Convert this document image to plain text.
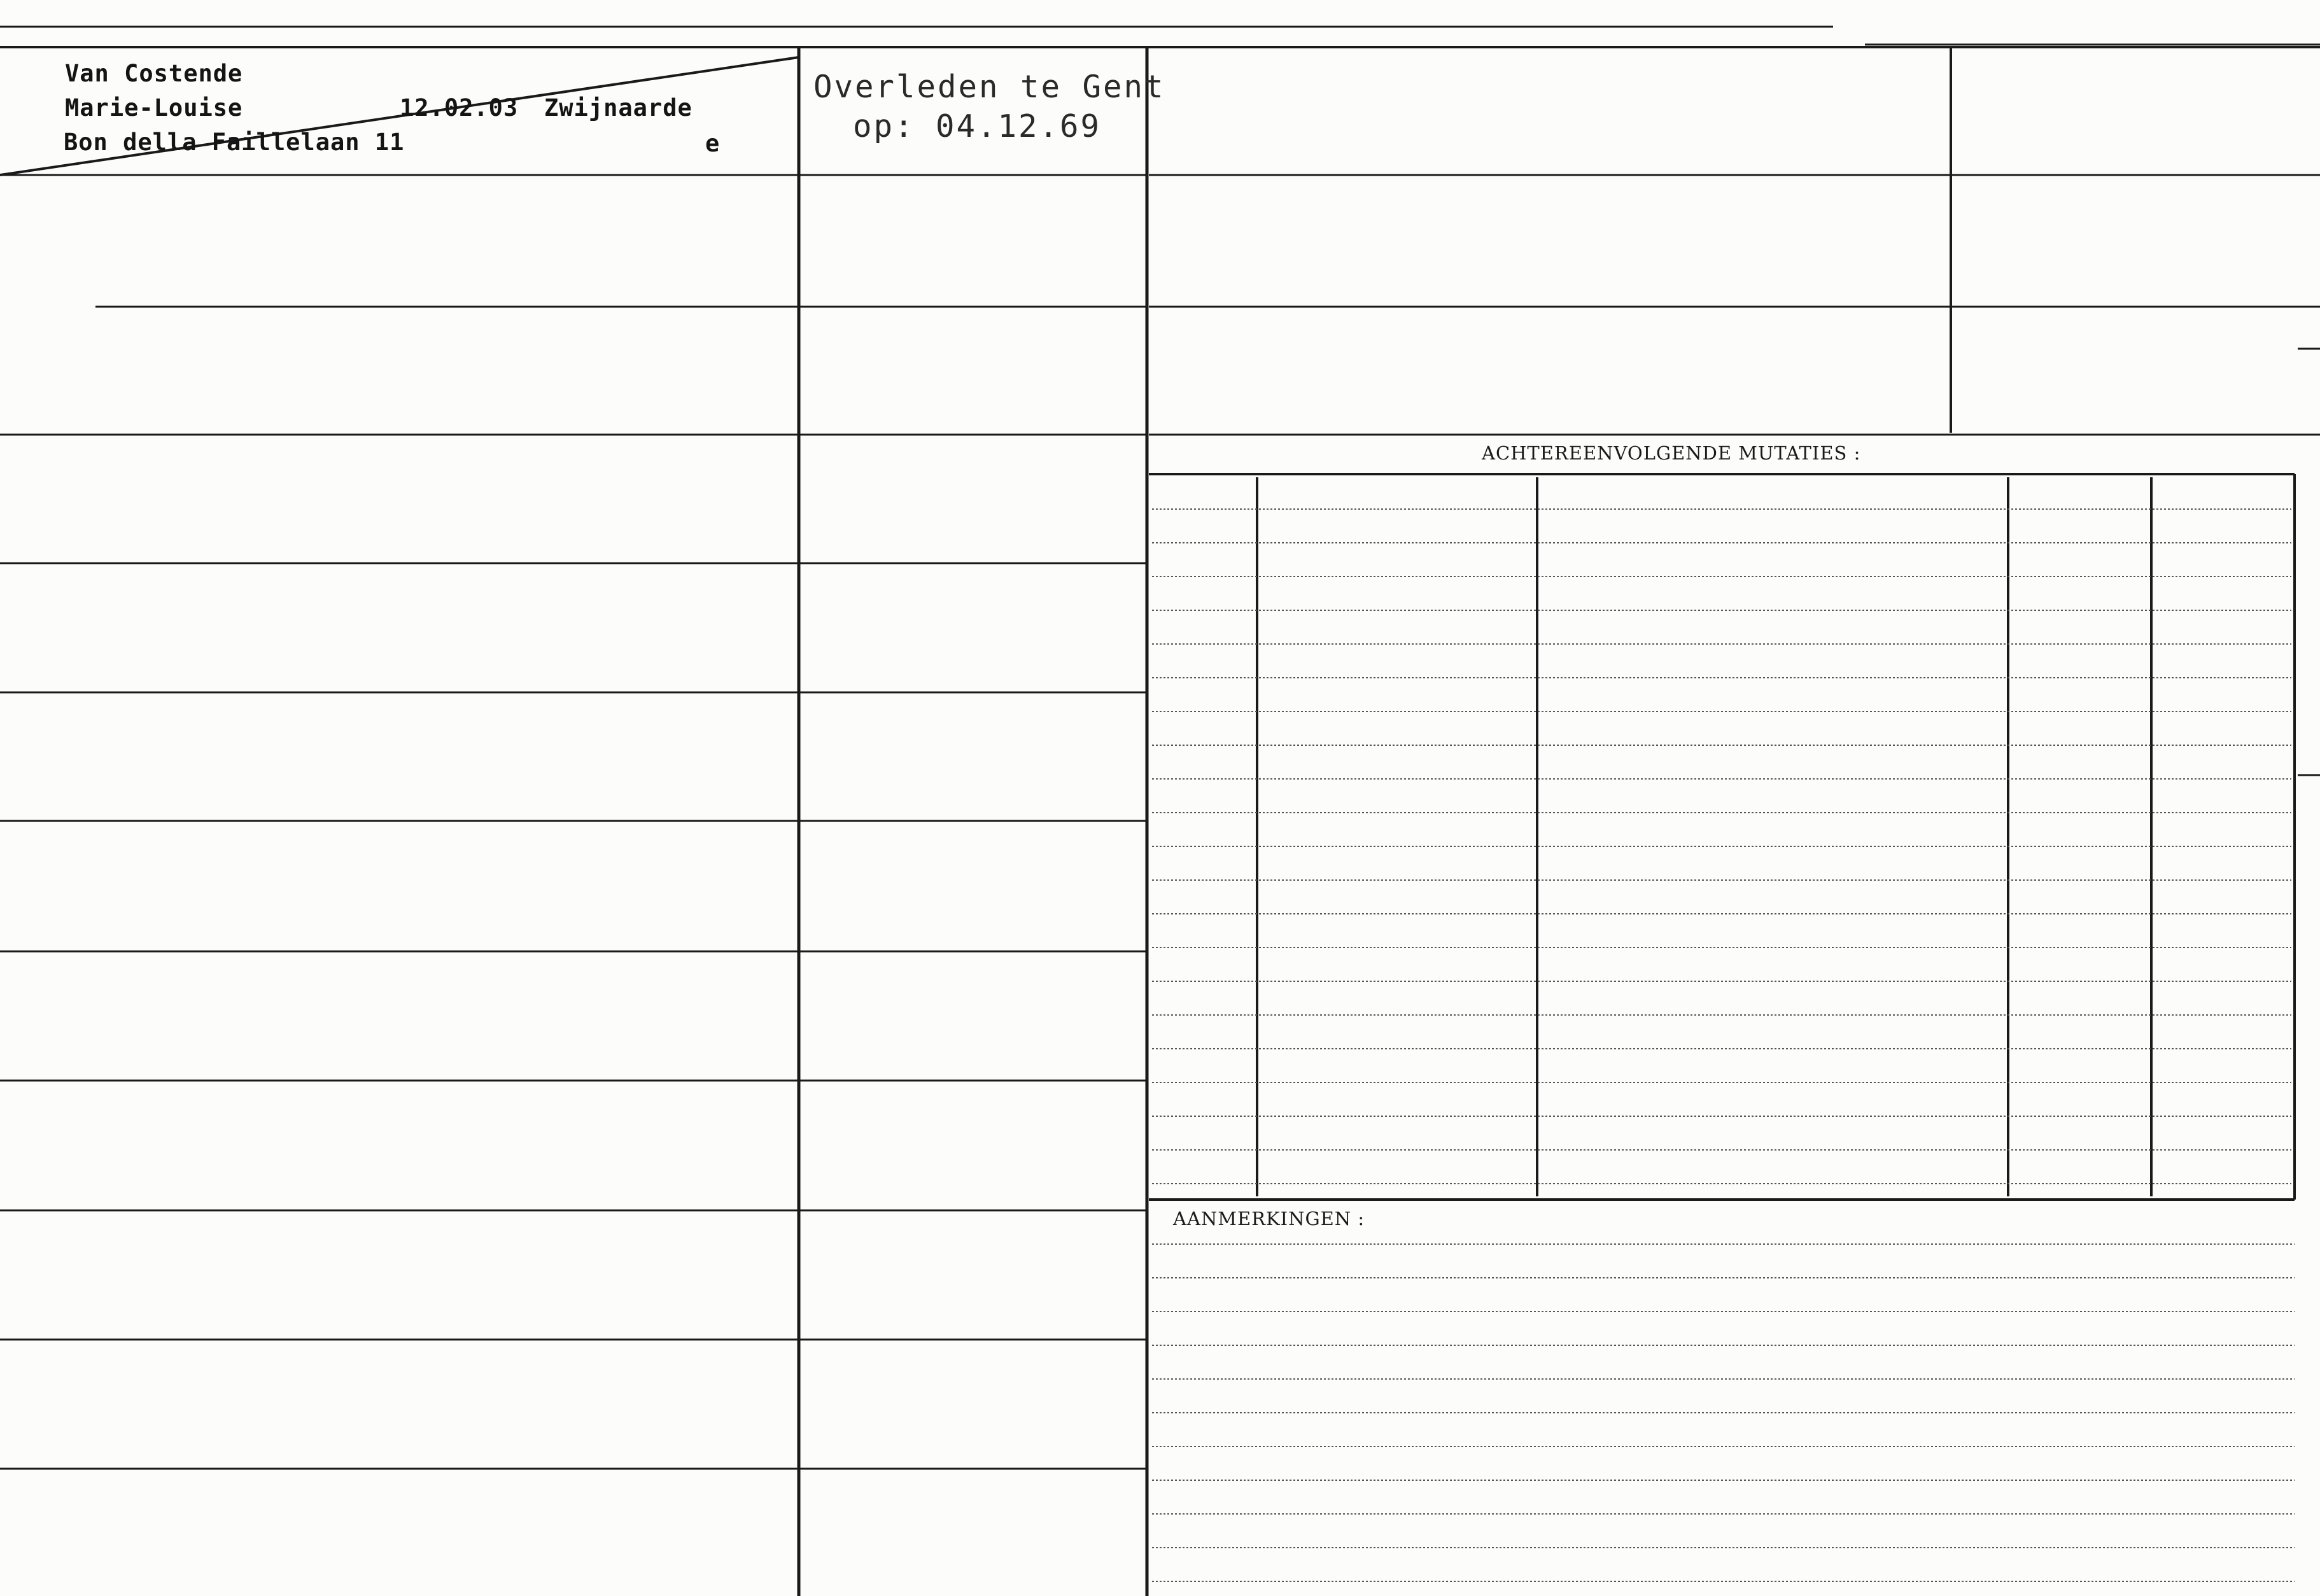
Van Costende
Marie-Louise	12.02.03 Zwijnaarde
Bon della Faillelaan 11	e
Overleden te Gent
op: 04.12.69
ACHTEREENVOLGENDE MUTATIES :
AANMERKINGEN :
